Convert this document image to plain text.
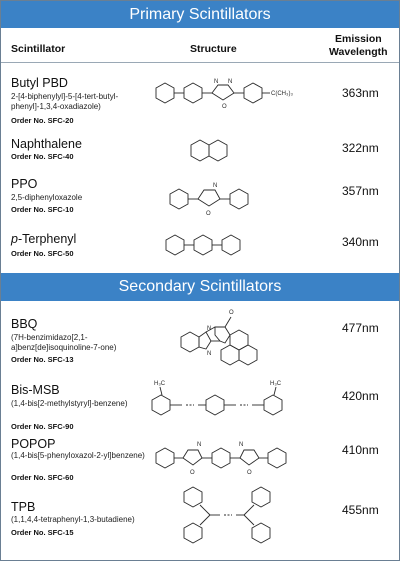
Primary Scintillators
Scintillator	Structure
Emission
Wavelength
Butyl PBD
2-[4-biphenylyl]-5-[4-tert-butyl-phenyl]-1,3,4-oxadiazole)
Order No. SFC-20
363nm
N N
O
C(CH₃)₃
Naphthalene
Order No. SFC-40
322nm
PPO
2,5-diphenyloxazole
Order No. SFC-10
357nm
N
O
p-Terphenyl
Order No. SFC-50
340nm
Secondary Scintillators
BBQ
(7H-benzimidazo[2,1-a]benz[de]isoquinoline-7-one)
Order No. SFC-13
477nm
O
N
N
Bis-MSB
(1,4-bis[2-methylstyryl]-benzene)
Order No. SFC-90
420nm
H₃C	H₃C
POPOP
(1,4-bis[5-phenyloxazol-2-yl]benzene)
Order No. SFC-60
410nm
N
O
N
O
TPB
(1,1,4,4-tetraphenyl-1,3-butadiene)
Order No. SFC-15
455nm
